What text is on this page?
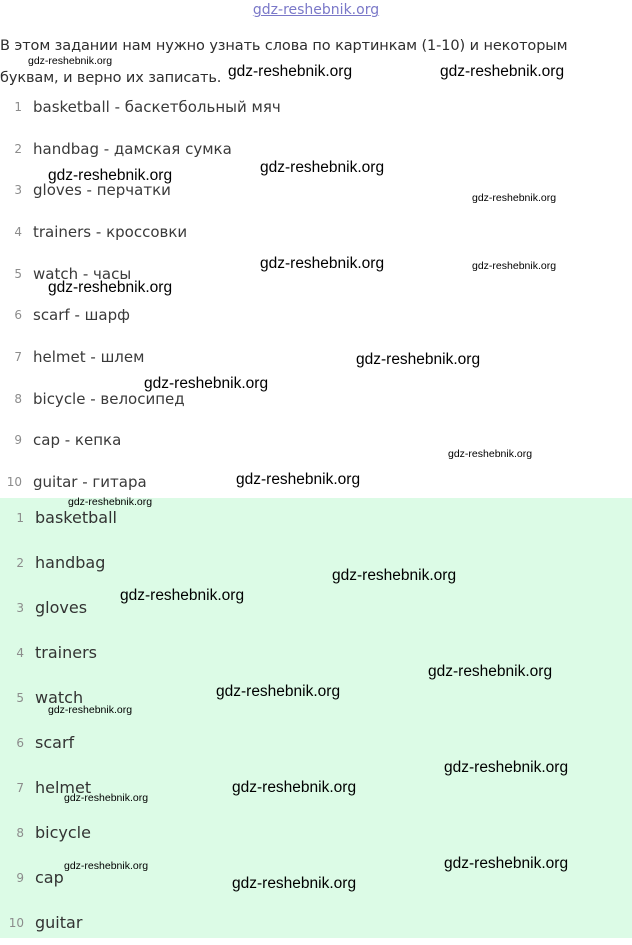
gdz-reshebnik.org
В этом задании нам нужно узнать слова по картинкам (1-10) и некоторым буквам, и верно их записать.
1 basketball - баскетбольный мяч
2 handbag - дамская сумка
3 gloves - перчатки
4 trainers - кроссовки
5 watch - часы
6 scarf - шарф
7 helmet - шлем
8 bicycle - велосипед
9 cap - кепка
10 guitar - гитара
1 basketball
2 handbag
3 gloves
4 trainers
5 watch
6 scarf
7 helmet
8 bicycle
9 cap
10 guitar
gdz-reshebnik.org
gdz-reshebnik.org	gdz-reshebnik.org
gdz-reshebnik.org
gdz-reshebnik.org
gdz-reshebnik.org
gdz-reshebnik.org	gdz-reshebnik.org
gdz-reshebnik.org
gdz-reshebnik.org
gdz-reshebnik.org
gdz-reshebnik.org
gdz-reshebnik.org
gdz-reshebnik.org
gdz-reshebnik.org
gdz-reshebnik.org
gdz-reshebnik.org
gdz-reshebnik.org
gdz-reshebnik.org
gdz-reshebnik.org
gdz-reshebnik.org
gdz-reshebnik.org
gdz-reshebnik.org
gdz-reshebnik.org
gdz-reshebnik.org
